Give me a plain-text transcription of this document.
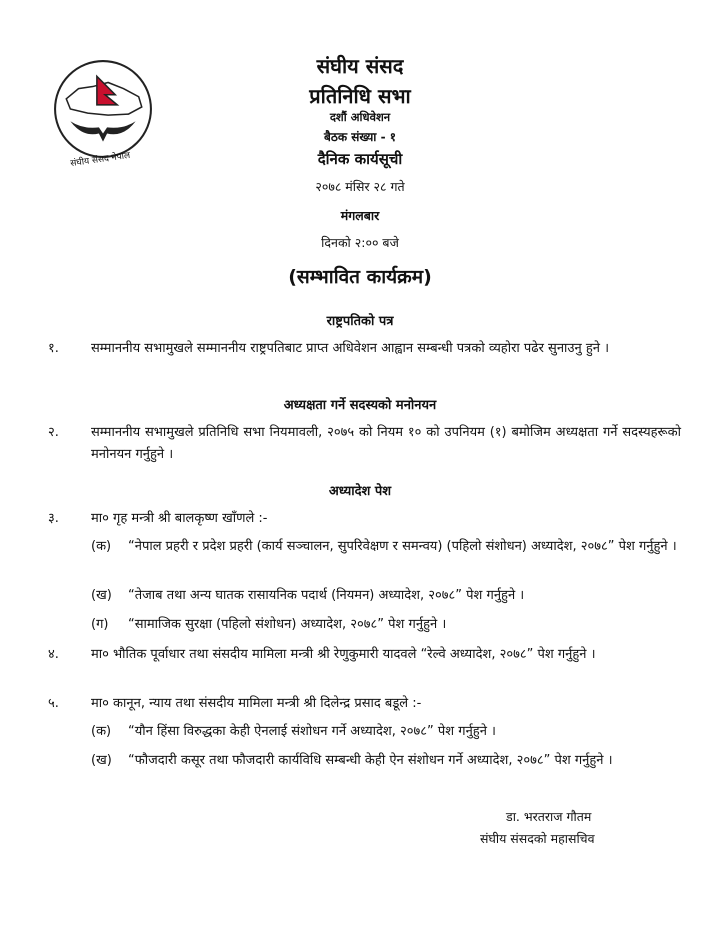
संघीय संसद नेपाल
संघीय संसद
प्रतिनिधि सभा
दशौं अधिवेशन
बैठक संख्या - १
दैनिक कार्यसूची
२०७८ मंसिर २८ गते
मंगलबार
दिनको २:०० बजे
(सम्भावित कार्यक्रम)
राष्ट्रपतिको पत्र
१. सम्माननीय सभामुखले सम्माननीय राष्ट्रपतिबाट प्राप्त अधिवेशन आह्वान सम्बन्धी पत्रको व्यहोरा पढेर सुनाउनु हुने ।
अध्यक्षता गर्ने सदस्यको मनोनयन
२. सम्माननीय सभामुखले प्रतिनिधि सभा नियमावली, २०७५ को नियम १० को उपनियम (१) बमोजिम अध्यक्षता गर्ने सदस्यहरूको मनोनयन गर्नुहुने ।
अध्यादेश पेश
३. मा० गृह मन्त्री श्री बालकृष्ण खाँणले :-
(क) “नेपाल प्रहरी र प्रदेश प्रहरी (कार्य सञ्चालन, सुपरिवेक्षण र समन्वय) (पहिलो संशोधन) अध्यादेश, २०७८” पेश गर्नुहुने ।
(ख) “तेजाब तथा अन्य घातक रासायनिक पदार्थ (नियमन) अध्यादेश, २०७८” पेश गर्नुहुने ।
(ग) “सामाजिक सुरक्षा (पहिलो संशोधन) अध्यादेश, २०७८” पेश गर्नुहुने ।
४. मा० भौतिक पूर्वाधार तथा संसदीय मामिला मन्त्री श्री रेणुकुमारी यादवले “रेल्वे अध्यादेश, २०७८” पेश गर्नुहुने ।
५. मा० कानून, न्याय तथा संसदीय मामिला मन्त्री श्री दिलेन्द्र प्रसाद बडूले :-
(क) “यौन हिंसा विरुद्धका केही ऐनलाई संशोधन गर्ने अध्यादेश, २०७८” पेश गर्नुहुने ।
(ख) “फौजदारी कसूर तथा फौजदारी कार्यविधि सम्बन्धी केही ऐन संशोधन गर्ने अध्यादेश, २०७८” पेश गर्नुहुने ।
डा. भरतराज गौतम
संघीय संसदको महासचिव
